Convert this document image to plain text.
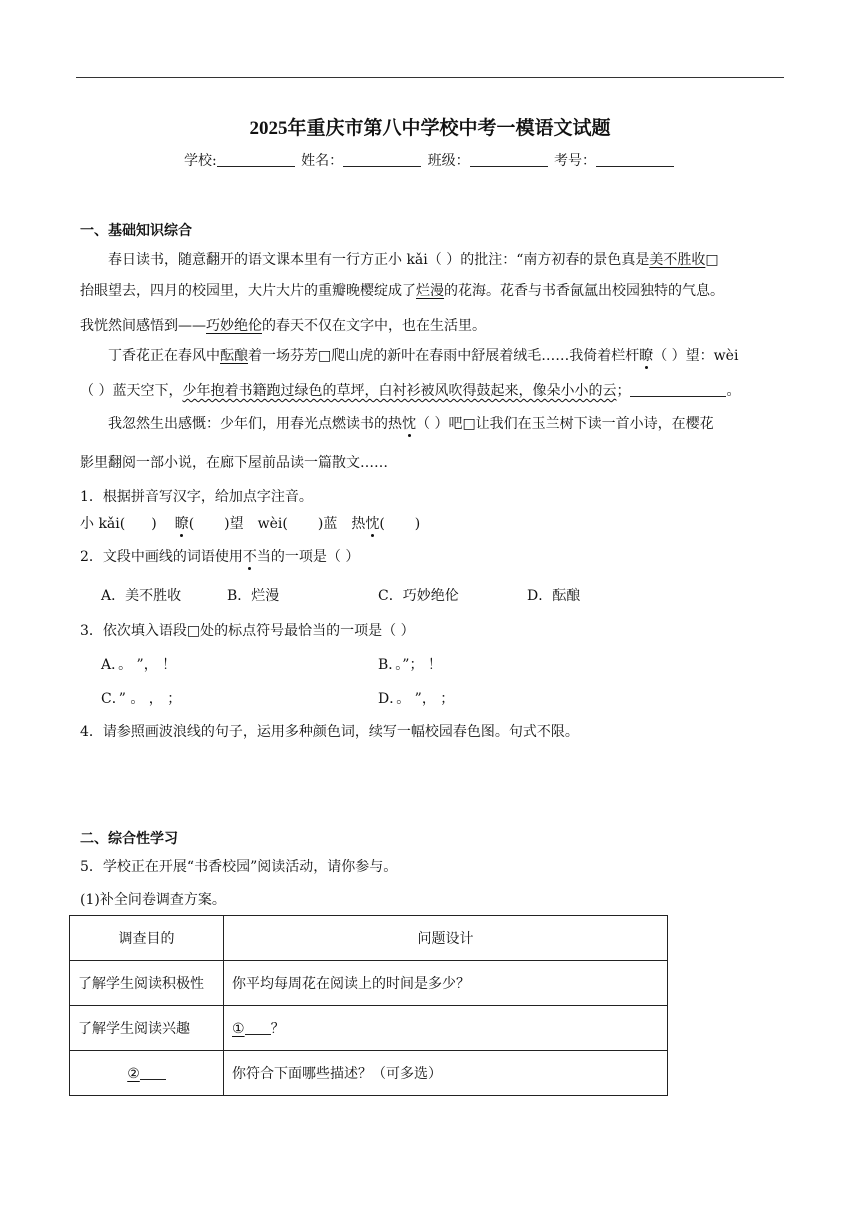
2025年重庆市第八中学校中考一模语文试题
学校:	姓名：	班级：	考号：
一、基础知识综合
春日读书，随意翻开的语文课本里有一行方正小 kǎi（ ）的批注：“南方初春的景色真是美不胜收□
抬眼望去，四月的校园里，大片大片的重瓣晚樱绽成了烂漫的花海。花香与书香氤氲出校园独特的气息。
我恍然间感悟到——巧妙绝伦的春天不仅在文字中，也在生活里。
丁香花正在春风中酝酿着一场芬芳□爬山虎的新叶在春雨中舒展着绒毛……我倚着栏杆瞭（ ）望：wèi
（ ）蓝天空下，少年抱着书籍跑过绿色的草坪，白衬衫被风吹得鼓起来，像朵小小的云；	。
我忽然生出感慨：少年们，用春光点燃读书的热忱（ ）吧□让我们在玉兰树下读一首小诗，在樱花
影里翻阅一部小说，在廊下屋前品读一篇散文……
1．根据拼音写汉字，给加点字注音。
小 kǎi( ) 瞭( )望 wèi( )蓝 热忱( )
2．文段中画线的词语使用不当的一项是（ ）
A．美不胜收	B．烂漫	C．巧妙绝伦	D．酝酿
3．依次填入语段□处的标点符号最恰当的一项是（ ）
A．。 ”， ！	B．。”； ！
C．” 。 ， ；	D．。 ”， ；
4．请参照画波浪线的句子，运用多种颜色词，续写一幅校园春色图。句式不限。
二、综合性学习
5．学校正在开展“书香校园”阅读活动，请你参与。
(1)补全问卷调查方案。
调查目的	问题设计
了解学生阅读积极性	你平均每周花在阅读上的时间是多少？
了解学生阅读兴趣	① ？
②	你符合下面哪些描述？（可多选）
